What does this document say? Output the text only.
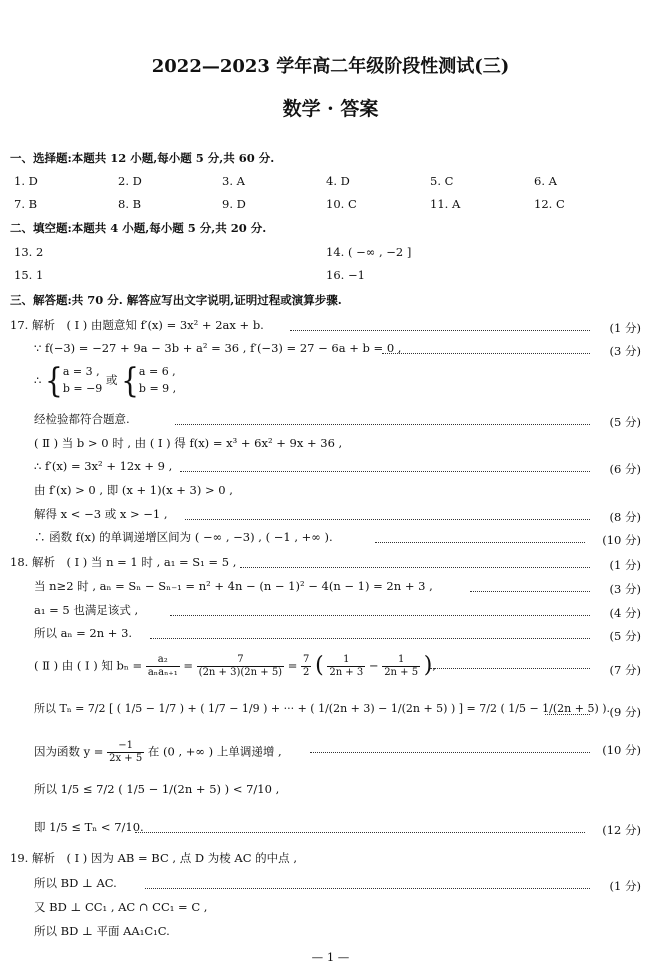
2022—2023 学年高二年级阶段性测试(三)
数学 · 答案
一、选择题:本题共 12 小题,每小题 5 分,共 60 分.
1. D	2. D	3. A	4. D	5. C	6. A
7. B	8. B	9. D	10. C	11. A	12. C
二、填空题:本题共 4 小题,每小题 5 分,共 20 分.
13. 2	14. ( −∞ , −2 ]
15. 1	16. −1
三、解答题:共 70 分. 解答应写出文字说明,证明过程或演算步骤.
17. 解析　( Ⅰ ) 由题意知 f′(x) = 3x² + 2ax + b.	(1 分)
∵ f(−3) = −27 + 9a − 3b + a² = 36 , f′(−3) = 27 − 6a + b = 0 ,	(3 分)
∴ {a = 3 ,
b = −9 或 {a = 6 ,
b = 9 ,
经检验都符合题意.	(5 分)
( Ⅱ ) 当 b > 0 时 , 由 ( Ⅰ ) 得 f(x) = x³ + 6x² + 9x + 36 ,
∴ f′(x) = 3x² + 12x + 9 ,	(6 分)
由 f′(x) > 0 , 即 (x + 1)(x + 3) > 0 ,
解得 x < −3 或 x > −1 ,	(8 分)
∴ 函数 f(x) 的单调递增区间为 ( −∞ , −3) , ( −1 , +∞ ).	(10 分)
18. 解析　( Ⅰ ) 当 n = 1 时 , a₁ = S₁ = 5 ,	(1 分)
当 n≥2 时 , aₙ = Sₙ − Sₙ₋₁ = n² + 4n − (n − 1)² − 4(n − 1) = 2n + 3 ,	(3 分)
a₁ = 5 也满足该式 ,	(4 分)
所以 aₙ = 2n + 3.	(5 分)
( Ⅱ ) 由 ( Ⅰ ) 知 $b_n = \frac{\text{a₂}}{\text{aₙaₙ₊₁}} = \frac{7}{(2n + 3)(2n + 5)} = \frac{7}{2}$ ( $\frac{1}{2n + 3} - \frac{1}{2n + 5}$ ),	(7 分)
所以 Tₙ = 7/2 [ ( 1/5 − 1/7 ) + ( 1/7 − 1/9 ) + ··· + ( 1/(2n + 3) − 1/(2n + 5) ) ] = 7/2 ( 1/5 − 1/(2n + 5) ). (9 分)
因为函数 $y = \frac{-1}{2x + 5}$ 在 (0 , +∞ ) 上单调递增 ,	(10 分)
所以 1/5 ≤ 7/2 ( 1/5 − 1/(2n + 5) ) < 7/10 ,
即 1/5 ≤ Tₙ < 7/10.	(12 分)
19. 解析　( Ⅰ ) 因为 AB = BC , 点 D 为棱 AC 的中点 ,
所以 BD ⊥ AC.	(1 分)
又 BD ⊥ CC₁ , AC ∩ CC₁ = C ,
所以 BD ⊥ 平面 AA₁C₁C.
— 1 —
